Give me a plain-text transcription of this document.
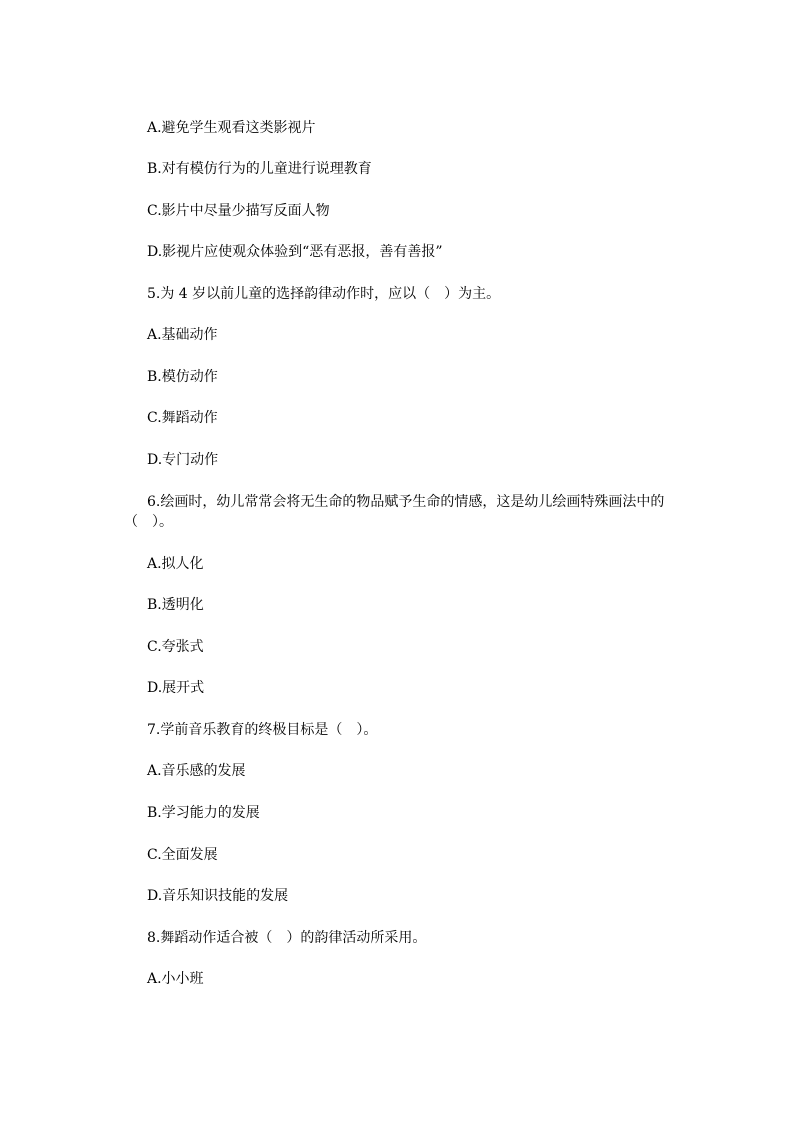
A.避免学生观看这类影视片
B.对有模仿行为的儿童进行说理教育
C.影片中尽量少描写反面人物
D.影视片应使观众体验到“恶有恶报，善有善报”
5.为 4 岁以前儿童的选择韵律动作时，应以（　）为主。
A.基础动作
B.模仿动作
C.舞蹈动作
D.专门动作
6.绘画时，幼儿常常会将无生命的物品赋予生命的情感，这是幼儿绘画特殊画法中的
（　）。
A.拟人化
B.透明化
C.夸张式
D.展开式
7.学前音乐教育的终极目标是（　）。
A.音乐感的发展
B.学习能力的发展
C.全面发展
D.音乐知识技能的发展
8.舞蹈动作适合被（　）的韵律活动所采用。
A.小小班
